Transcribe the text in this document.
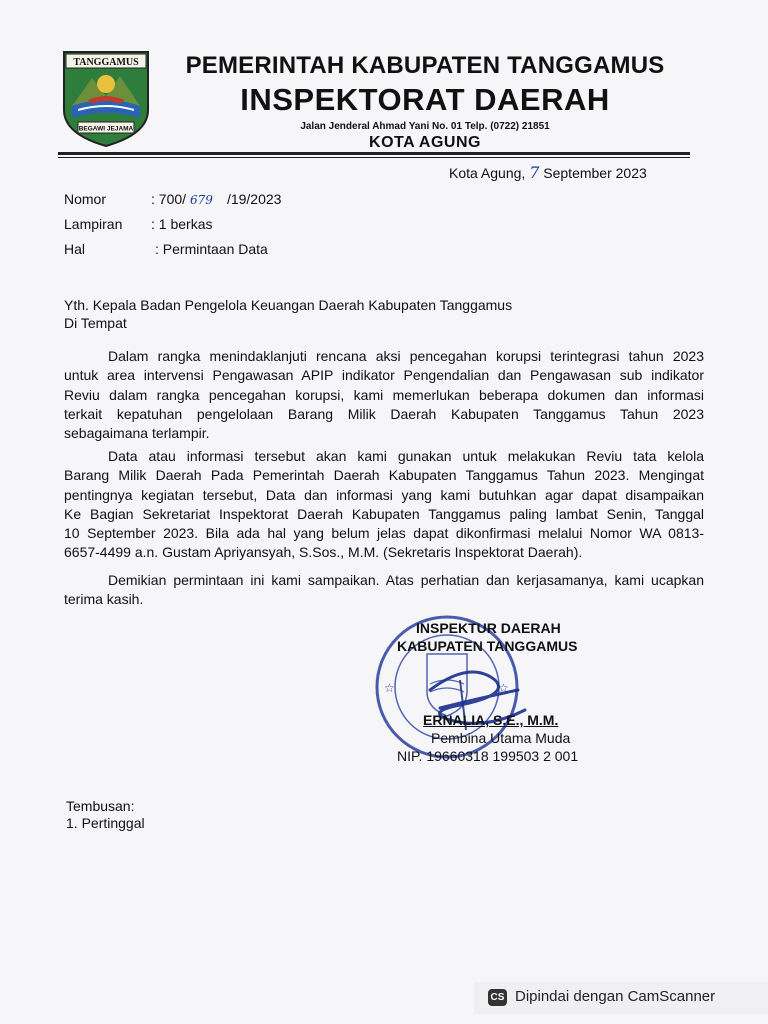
TANGGAMUS
BEGAWI JEJAMA
PEMERINTAH KABUPATEN TANGGAMUS
INSPEKTORAT DAERAH
Jalan Jenderal Ahmad Yani No. 01 Telp. (0722) 21851
KOTA AGUNG
Kota Agung, 7 September 2023
Nomor	: 700/ 679 /19/2023
Lampiran : 1 berkas
Hal	: Permintaan Data
Yth. Kepala Badan Pengelola Keuangan Daerah Kabupaten Tanggamus
Di Tempat
Dalam rangka menindaklanjuti rencana aksi pencegahan korupsi terintegrasi tahun 2023
untuk area intervensi Pengawasan APIP indikator Pengendalian dan Pengawasan sub indikator
Reviu dalam rangka pencegahan korupsi, kami memerlukan beberapa dokumen dan informasi
terkait kepatuhan pengelolaan Barang Milik Daerah Kabupaten Tanggamus Tahun 2023
sebagaimana terlampir.
Data atau informasi tersebut akan kami gunakan untuk melakukan Reviu tata kelola
Barang Milik Daerah Pada Pemerintah Daerah Kabupaten Tanggamus Tahun 2023. Mengingat
pentingnya kegiatan tersebut, Data dan informasi yang kami butuhkan agar dapat disampaikan
Ke Bagian Sekretariat Inspektorat Daerah Kabupaten Tanggamus paling lambat Senin, Tanggal
10 September 2023. Bila ada hal yang belum jelas dapat dikonfirmasi melalui Nomor WA 0813-
6657-4499 a.n. Gustam Apriyansyah, S.Sos., M.M. (Sekretaris Inspektorat Daerah).
Demikian permintaan ini kami sampaikan. Atas perhatian dan kerjasamanya, kami ucapkan
terima kasih.
☆	☆
INSPEKTUR DAERAH
KABUPATEN TANGGAMUS
ERNALIA, S.E., M.M.
Pembina Utama Muda
NIP. 19660318 199503 2 001
Tembusan:
1. Pertinggal
CS Dipindai dengan CamScanner
